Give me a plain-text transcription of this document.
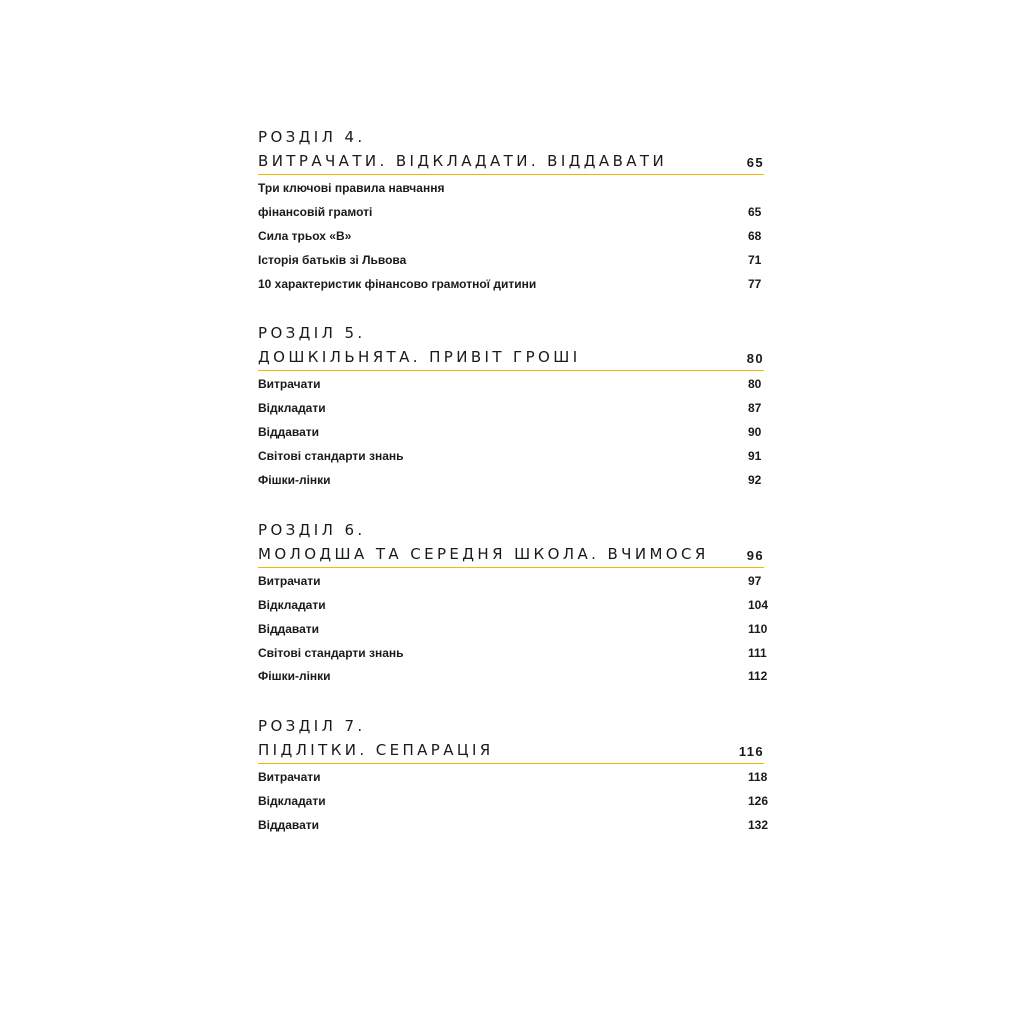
РОЗДІЛ 4.
ВИТРАЧАТИ. ВІДКЛАДАТИ. ВІДДАВАТИ	65
Три ключові правила навчання
фінансовій грамоті	65
Сила трьох «В»	68
Історія батьків зі Львова	71
10 характеристик фінансово грамотної дитини	77
РОЗДІЛ 5.
ДОШКІЛЬНЯТА. ПРИВІТ ГРОШІ	80
Витрачати	80
Відкладати	87
Віддавати	90
Світові стандарти знань	91
Фішки-лінки	92
РОЗДІЛ 6.
МОЛОДША ТА СЕРЕДНЯ ШКОЛА. ВЧИМОСЯ	96
Витрачати	97
Відкладати	104
Віддавати	110
Світові стандарти знань	111
Фішки-лінки	112
РОЗДІЛ 7.
ПІДЛІТКИ. СЕПАРАЦІЯ	116
Витрачати	118
Відкладати	126
Віддавати	132
